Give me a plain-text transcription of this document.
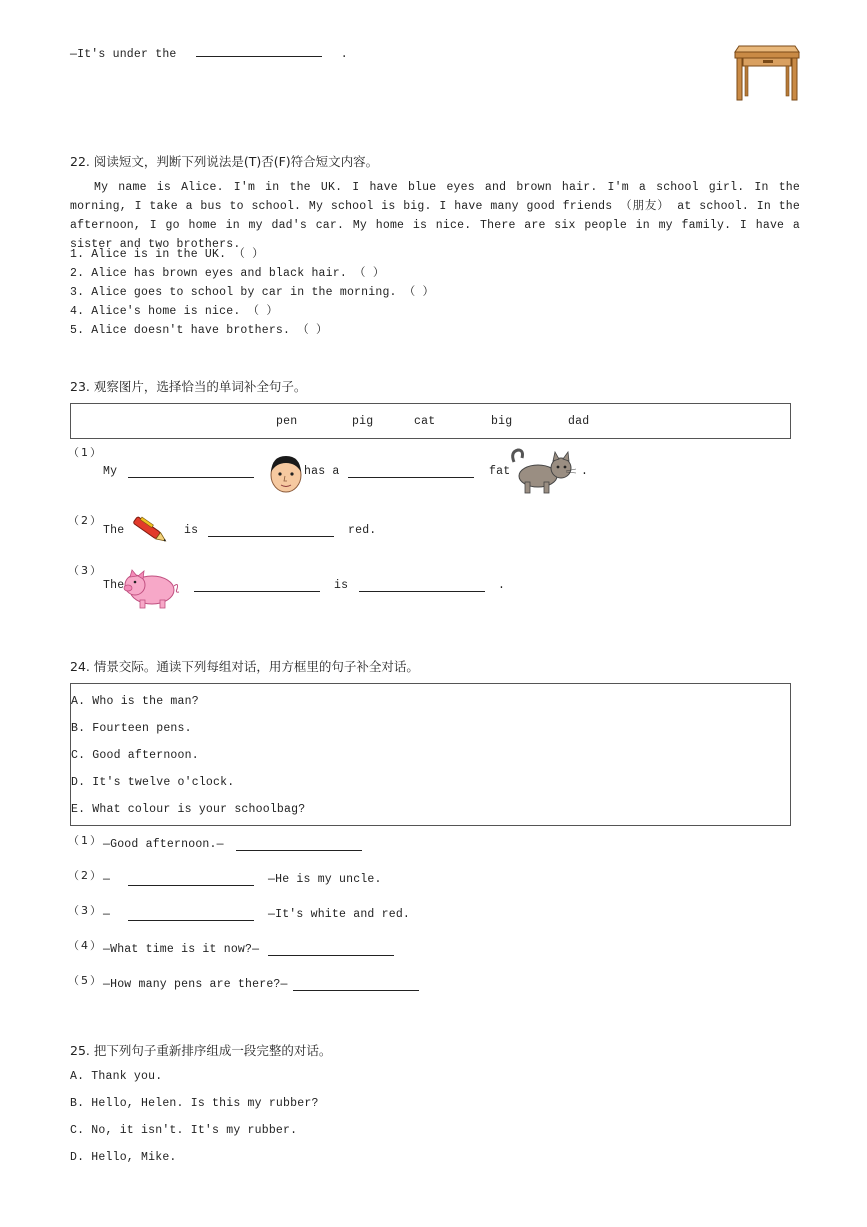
—It's under the	.
22. 阅读短文，判断下列说法是(T)否(F)符合短文内容。
My name is Alice. I'm in the UK. I have blue eyes and brown hair. I'm a school girl. In the morning, I take a bus to school. My school is big. I have many good friends （朋友） at school. In the afternoon, I go home in my dad's car. My home is nice. There are six people in my family. I have a sister and two brothers.
1. Alice is in the UK. （ ）
2. Alice has brown eyes and black hair. （ ）
3. Alice goes to school by car in the morning. （ ）
4. Alice's home is nice. （ ）
5. Alice doesn't have brothers. （ ）
23. 观察图片，选择恰当的单词补全句子。
pen	pig	cat	big	dad
（1）
My	has a	fat	.
（2）
The	is	red.
（3）
The	is	.
24. 情景交际。通读下列每组对话，用方框里的句子补全对话。
A. Who is the man?
B. Fourteen pens.
C. Good afternoon.
D. It's twelve o'clock.
E. What colour is your schoolbag?
（1） —Good afternoon.—
（2） —	—He is my uncle.
（3） —	—It's white and red.
（4） —What time is it now?—
（5） —How many pens are there?—
25. 把下列句子重新排序组成一段完整的对话。
A. Thank you.
B. Hello, Helen. Is this my rubber?
C. No, it isn't. It's my rubber.
D. Hello, Mike.
